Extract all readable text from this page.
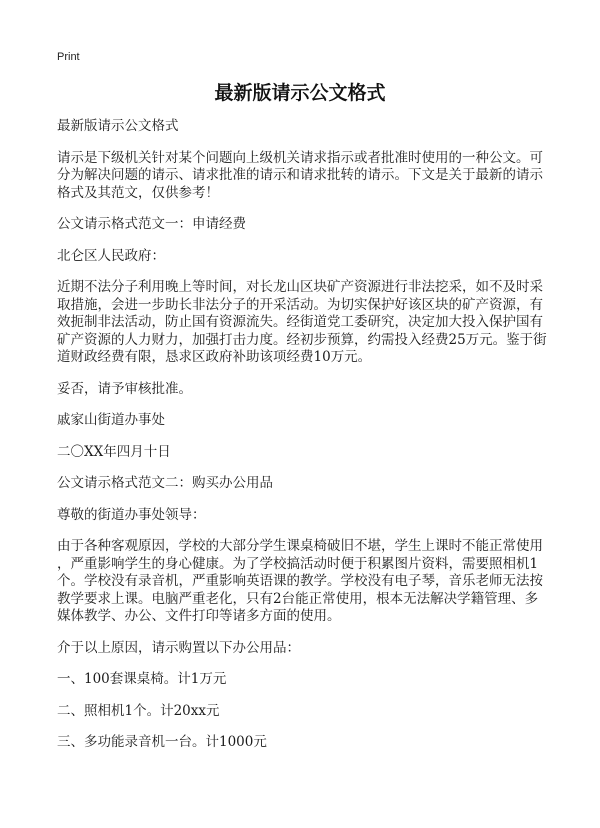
Print
最新版请示公文格式

最新版请示公文格式

请示是下级机关针对某个问题向上级机关请求指示或者批准时使用的一种公文。可
分为解决问题的请示、请求批准的请示和请求批转的请示。下文是关于最新的请示
格式及其范文，仅供参考！

公文请示格式范文一：申请经费

北仑区人民政府：

近期不法分子利用晚上等时间，对长龙山区块矿产资源进行非法挖采，如不及时采
取措施，会进一步助长非法分子的开采活动。为切实保护好该区块的矿产资源，有
效扼制非法活动，防止国有资源流失。经街道党工委研究，决定加大投入保护国有
矿产资源的人力财力，加强打击力度。经初步预算，约需投入经费25万元。鉴于街
道财政经费有限，恳求区政府补助该项经费10万元。

妥否，请予审核批准。

戚家山街道办事处

二〇XX年四月十日

公文请示格式范文二：购买办公用品

尊敬的街道办事处领导：

由于各种客观原因，学校的大部分学生课桌椅破旧不堪，学生上课时不能正常使用
，严重影响学生的身心健康。为了学校搞活动时便于积累图片资料，需要照相机1
个。学校没有录音机，严重影响英语课的教学。学校没有电子琴，音乐老师无法按
教学要求上课。电脑严重老化，只有2台能正常使用，根本无法解决学籍管理、多
媒体教学、办公、文件打印等诸多方面的使用。

介于以上原因，请示购置以下办公用品：

一、100套课桌椅。计1万元

二、照相机1个。计20xx元

三、多功能录音机一台。计1000元
